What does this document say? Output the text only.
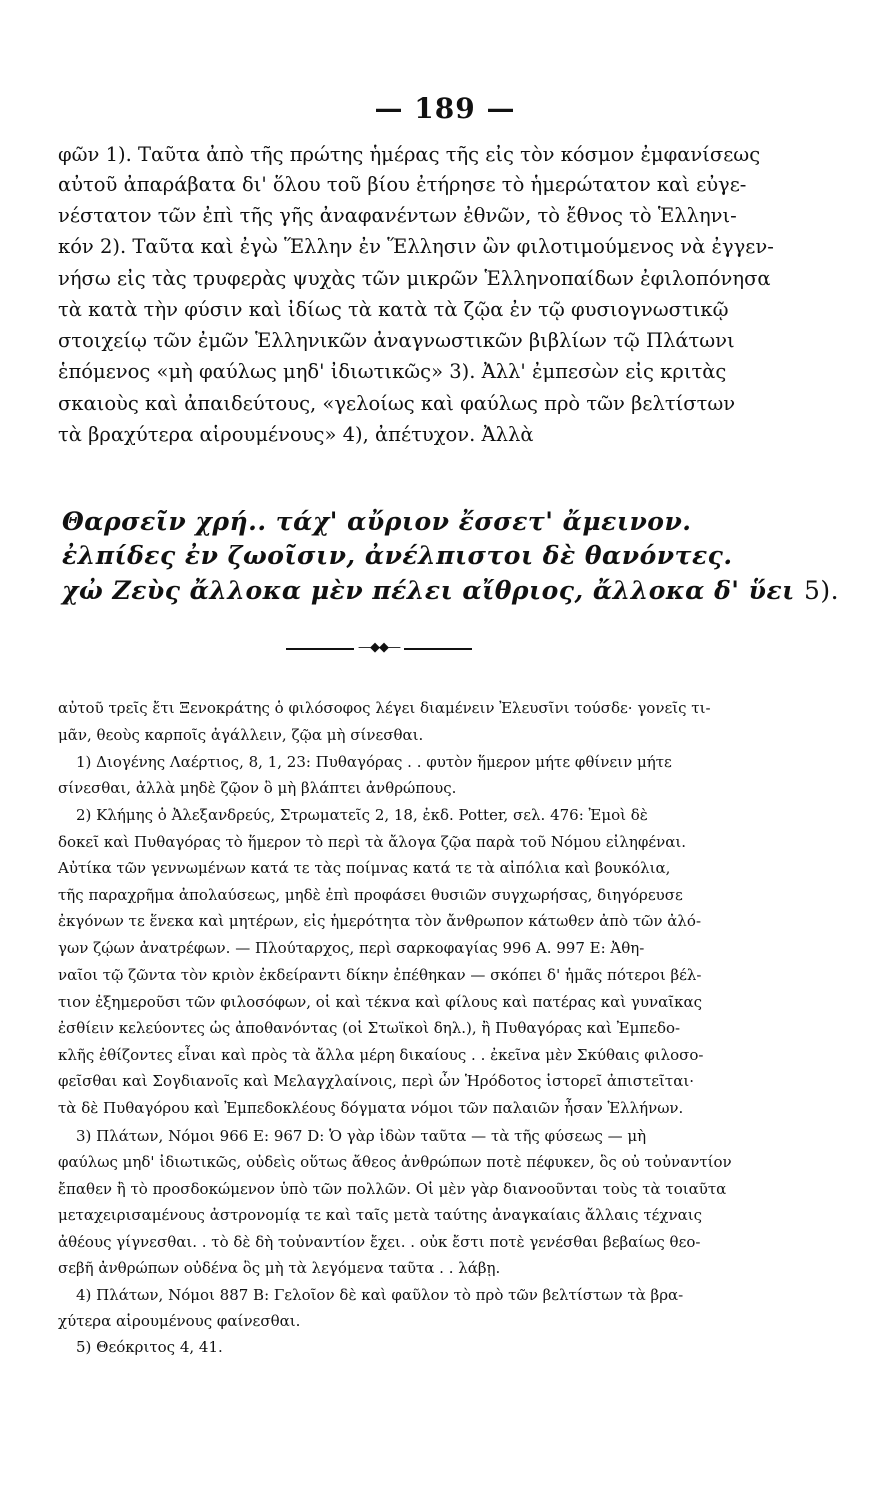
— 189 —
φῶν 1). Ταῦτα ἀπὸ τῆς πρώτης ἡμέρας τῆς εἰς τὸν κόσμον ἐμφανίσεως
αὐτοῦ ἀπαράβατα δι' ὅλου τοῦ βίου ἐτήρησε τὸ ἡμερώτατον καὶ εὐγε-
νέστατον τῶν ἐπὶ τῆς γῆς ἀναφανέντων ἐθνῶν, τὸ ἔθνος τὸ Ἑλληνι-
κόν 2). Ταῦτα καὶ ἐγὼ Ἕλλην ἐν Ἕλλησιν ὢν φιλοτιμούμενος νὰ ἐγγεν-
νήσω εἰς τὰς τρυφερὰς ψυχὰς τῶν μικρῶν Ἑλληνοπαίδων ἐφιλοπόνησα
τὰ κατὰ τὴν φύσιν καὶ ἰδίως τὰ κατὰ τὰ ζῷα ἐν τῷ φυσιογνωστικῷ
στοιχείῳ τῶν ἐμῶν Ἑλληνικῶν ἀναγνωστικῶν βιβλίων τῷ Πλάτωνι
ἑπόμενος «μὴ φαύλως μηδ' ἰδιωτικῶς» 3). Ἀλλ' ἐμπεσὼν εἰς κριτὰς
σκαιοὺς καὶ ἀπαιδεύτους, «γελοίως καὶ φαύλως πρὸ τῶν βελτίστων
τὰ βραχύτερα αἱρουμένους» 4), ἀπέτυχον. Ἀλλὰ
Θαρσεῖν χρή.. τάχ' αὔριον ἔσσετ' ἄμεινον.
ἐλπίδες ἐν ζωοῖσιν, ἀνέλπιστοι δὲ θανόντες.
χὠ Ζεὺς ἄλλοκα μὲν πέλει αἴθριος, ἄλλοκα δ' ὕει 5).
—◆◆—
αὐτοῦ τρεῖς ἔτι Ξενοκράτης ὁ φιλόσοφος λέγει διαμένειν Ἐλευσῖνι τούσδε· γονεῖς τι-
μᾶν, θεοὺς καρποῖς ἀγάλλειν, ζῷα μὴ σίνεσθαι.
1) Διογένης Λαέρτιος, 8, 1, 23: Πυθαγόρας . . φυτὸν ἥμερον μήτε φθίνειν μήτε
σίνεσθαι, ἀλλὰ μηδὲ ζῷον ὃ μὴ βλάπτει ἀνθρώπους.
2) Κλήμης ὁ Ἀλεξανδρεύς, Στρωματεῖς 2, 18, ἐκδ. Potter, σελ. 476: Ἐμοὶ δὲ
δοκεῖ καὶ Πυθαγόρας τὸ ἥμερον τὸ περὶ τὰ ἄλογα ζῷα παρὰ τοῦ Νόμου εἰληφέναι.
Αὐτίκα τῶν γεννωμένων κατά τε τὰς ποίμνας κατά τε τὰ αἰπόλια καὶ βουκόλια,
τῆς παραχρῆμα ἀπολαύσεως, μηδὲ ἐπὶ προφάσει θυσιῶν συγχωρήσας, διηγόρευσε
ἐκγόνων τε ἕνεκα καὶ μητέρων, εἰς ἡμερότητα τὸν ἄνθρωπον κάτωθεν ἀπὸ τῶν ἀλό-
γων ζῴων ἀνατρέφων. — Πλούταρχος, περὶ σαρκοφαγίας 996 Α. 997 Ε: Ἀθη-
ναῖοι τῷ ζῶντα τὸν κριὸν ἐκδείραντι δίκην ἐπέθηκαν — σκόπει δ' ἡμᾶς πότεροι βέλ-
τιον ἐξημεροῦσι τῶν φιλοσόφων, οἱ καὶ τέκνα καὶ φίλους καὶ πατέρας καὶ γυναῖκας
ἐσθίειν κελεύοντες ὡς ἀποθανόντας (οἱ Στωϊκοὶ δηλ.), ἢ Πυθαγόρας καὶ Ἐμπεδο-
κλῆς ἐθίζοντες εἶναι καὶ πρὸς τὰ ἄλλα μέρη δικαίους . . ἐκεῖνα μὲν Σκύθαις φιλοσο-
φεῖσθαι καὶ Σογδιανοῖς καὶ Μελαγχλαίνοις, περὶ ὧν Ἡρόδοτος ἱστορεῖ ἀπιστεῖται·
τὰ δὲ Πυθαγόρου καὶ Ἐμπεδοκλέους δόγματα νόμοι τῶν παλαιῶν ἦσαν Ἑλλήνων.
3) Πλάτων, Νόμοι 966 Ε: 967 D: Ὁ γὰρ ἰδὼν ταῦτα — τὰ τῆς φύσεως — μὴ
φαύλως μηδ' ἰδιωτικῶς, οὐδεὶς οὕτως ἄθεος ἀνθρώπων ποτὲ πέφυκεν, ὃς οὐ τοὐναντίον
ἔπαθεν ἢ τὸ προσδοκώμενον ὑπὸ τῶν πολλῶν. Οἱ μὲν γὰρ διανοοῦνται τοὺς τὰ τοιαῦτα
μεταχειρισαμένους ἀστρονομίᾳ τε καὶ ταῖς μετὰ ταύτης ἀναγκαίαις ἄλλαις τέχναις
ἀθέους γίγνεσθαι. . τὸ δὲ δὴ τοὐναντίον ἔχει. . οὐκ ἔστι ποτὲ γενέσθαι βεβαίως θεο-
σεβῆ ἀνθρώπων οὐδένα ὃς μὴ τὰ λεγόμενα ταῦτα . . λάβῃ.
4) Πλάτων, Νόμοι 887 Β: Γελοῖον δὲ καὶ φαῦλον τὸ πρὸ τῶν βελτίστων τὰ βρα-
χύτερα αἱρουμένους φαίνεσθαι.
5) Θεόκριτος 4, 41.
